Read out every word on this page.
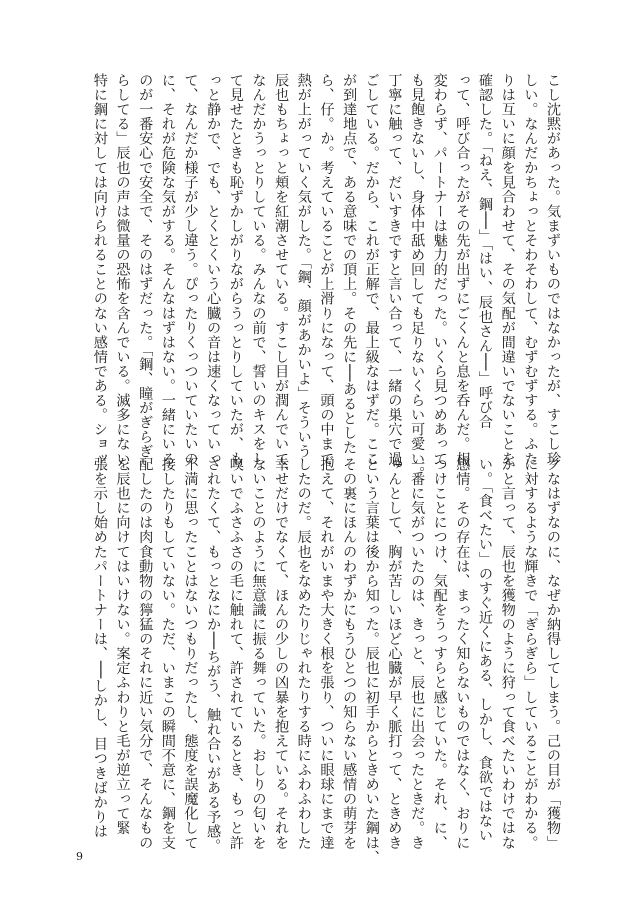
こし沈黙があった。気まずいものではなかったが、すこし珍
しい。なんだかちょっとそわそわして、むずむずする。ふた
りは互いに顔を見合わせて、その気配が間違いでないことを
確認した。「ねえ、鋼──」「はい、辰也さん──」呼び合
って、呼び合ったがその先が出ずにごくんと息を呑んだ。相
変わらず、パートナーは魅力的だった。いくら見つめあって
も見飽きないし、身体中舐め回しても足りないくらい可愛い。
丁寧に触って、だいすきですと言い合って、一緒の巣穴で過
ごしている。だから、これが正解で、最上級なはずだ。ここ
が到達地点で、ある意味での頂上。その先に──あるとした
ら、仔。か。考えていることが上滑りになって、頭の中まで
熱が上がっていく気がした。「鋼、顔があかいよ」そういう
辰也もちょっと頬を紅潮させている。すこし目が潤んでいて、
なんだかうっとりしている。みんなの前で、誓いのキスをし
て見せたときも恥ずかしがりながらうっとりしていたが、も
っと静かで、でも、とくとくいう心臓の音は速くなっていっ
て、なんだか様子が少し違う。ぴったりくっついていたいの
に、それが危険な気がする。そんなはずはない。一緒にいる
のが一番安心で安全で、そのはずだった。「鋼、瞳がぎらぎ
らしてる」辰也の声は微量の恐怖を含んでいる。滅多にない、
特に鋼に対しては向けられることのない感情である。ショッ
クなはずなのに、なぜか納得してしまう。己の目が「獲物」
に対するような輝きで「ぎらぎら」していることがわかる。
かと言って、辰也を獲物のように狩って食べたいわけではな
い。「食べたい」のすぐ近くにある、しかし、食欲ではない
感情。その存在は、まったく知らないものではなく、おりに
つけことにつけ、気配をうっすらと感じていた。それ、に、
一番に気がついたのは、きっと、辰也に出会ったときだ。き
ゅんとして、胸が苦しいほど心臓が早く脈打って、ときめき
という言葉は後から知った。辰也に初手からときめいた鋼は、
その裏にほんのわずかにもうひとつの知らない感情の萌芽を
抱えて、それがいまや大きく根を張り、ついに眼球にまで達
したのだ。辰也をなめたりじゃれたりする時にふわふわした
幸せだけでなくて、ほんの少しの凶暴を抱えている。それを
ないことのように無意識に振る舞っていた。おしりの匂いを
嗅いでふさふさの毛に触れて、許されているとき、もっと許
されたくて、もっとなにか──ちがう、触れ合いがある予感。
不満に思ったことはないつもりだったし、態度を誤魔化して
接したりもしていない。ただ、いまこの瞬間不意に、鋼を支
配したのは肉食動物の獰猛のそれに近い気分で、そんなもの
を辰也に向けてはいけない。案定ふわりと毛が逆立って緊
張を示し始めたパートナーは、──しかし、目つきばかりは
9
